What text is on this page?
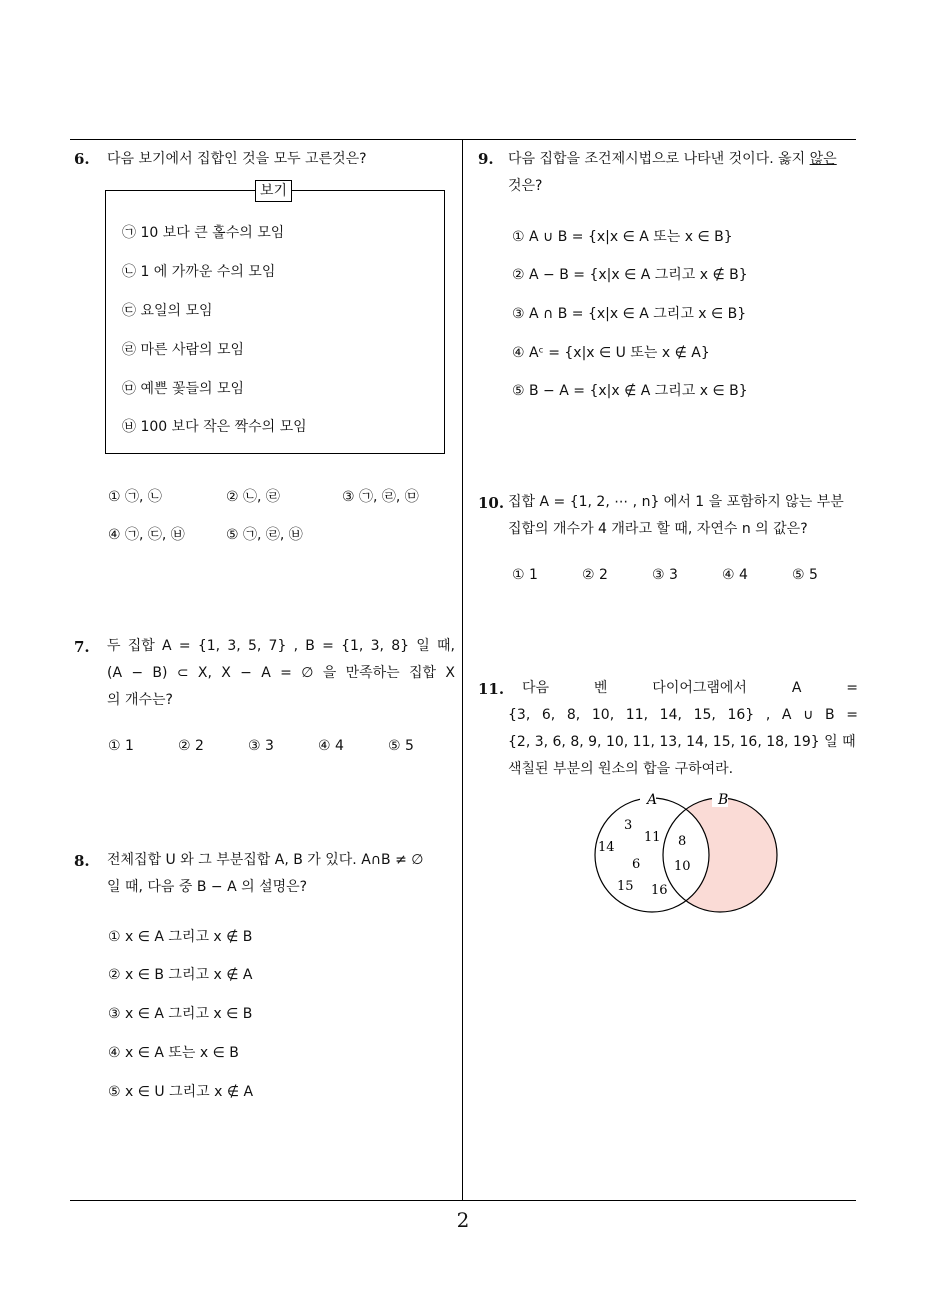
6. 다음 보기에서 집합인 것을 모두 고른것은?
보기
㉠ 10 보다 큰 홀수의 모임
㉡ 1 에 가까운 수의 모임
㉢ 요일의 모임
㉣ 마른 사람의 모임
㉤ 예쁜 꽃들의 모임
㉥ 100 보다 작은 짝수의 모임
① ㉠, ㉡	② ㉡, ㉣	③ ㉠, ㉣, ㉤
④ ㉠, ㉢, ㉥	⑤ ㉠, ㉣, ㉥
7. 두 집합 A = {1, 3, 5, 7} , B = {1, 3, 8} 일 때,
(A − B) ⊂ X, X − A = ∅ 을 만족하는 집합 X
의 개수는?
① 1	② 2	③ 3	④ 4	⑤ 5
8. 전체집합 U 와 그 부분집합 A, B 가 있다. A∩B ≠ ∅
일 때, 다음 중 B − A 의 설명은?
① x ∈ A 그리고 x ∉ B
② x ∈ B 그리고 x ∉ A
③ x ∈ A 그리고 x ∈ B
④ x ∈ A 또는 x ∈ B
⑤ x ∈ U 그리고 x ∉ A
9. 다음 집합을 조건제시법으로 나타낸 것이다. 옳지 않은
것은?
① A ∪ B = {x|x ∈ A 또는 x ∈ B}
② A − B = {x|x ∈ A 그리고 x ∉ B}
③ A ∩ B = {x|x ∈ A 그리고 x ∈ B}
④ Aᶜ = {x|x ∈ U 또는 x ∉ A}
⑤ B − A = {x|x ∉ A 그리고 x ∈ B}
10. 집합 A = {1, 2, ⋯ , n} 에서 1 을 포함하지 않는 부분
집합의 개수가 4 개라고 할 때, 자연수 n 의 값은?
① 1	② 2	③ 3	④ 4	⑤ 5
11. 다음 벤 다이어그램에서 A =
{3, 6, 8, 10, 11, 14, 15, 16} , A ∪ B =
{2, 3, 6, 8, 9, 10, 11, 13, 14, 15, 16, 18, 19} 일 때
색칠된 부분의 원소의 합을 구하여라.
A	B
3
11
14
6
15 16
8
10
2
